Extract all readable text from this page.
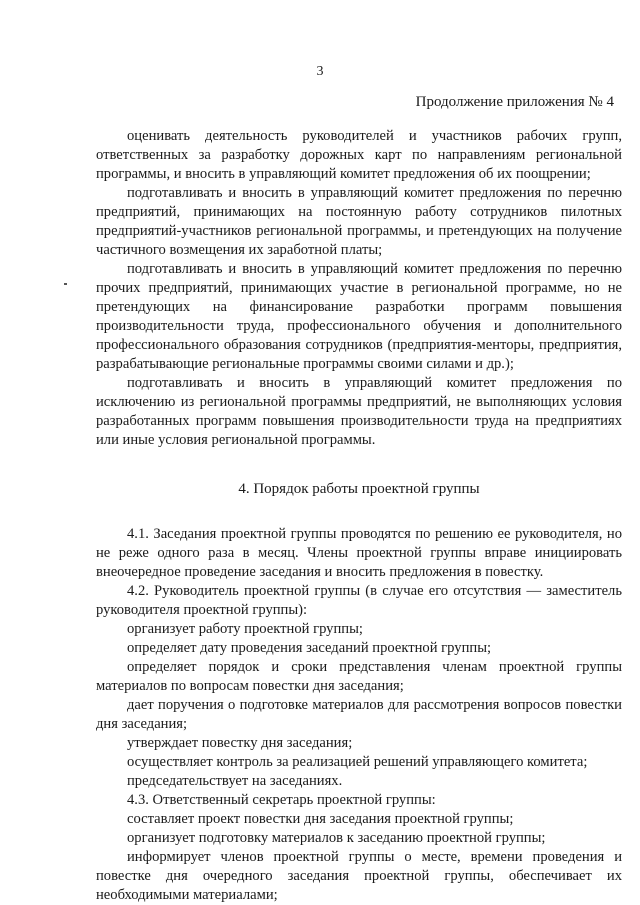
3
Продолжение приложения № 4

оценивать деятельность руководителей и участников рабочих групп, ответственных за разработку дорожных карт по направлениям региональной программы, и вносить в управляющий комитет предложения об их поощрении;

подготавливать и вносить в управляющий комитет предложения по перечню предприятий, принимающих на постоянную работу сотрудников пилотных предприятий-участников региональной программы, и претендующих на получение частичного возмещения их заработной платы;

подготавливать и вносить в управляющий комитет предложения по перечню прочих предприятий, принимающих участие в региональной программе, но не претендующих на финансирование разработки программ повышения производительности труда, профессионального обучения и дополнительного профессионального образования сотрудников (предприятия-менторы, предприятия, разрабатывающие региональные программы своими силами и др.);

подготавливать и вносить в управляющий комитет предложения по исключению из региональной программы предприятий, не выполняющих условия разработанных программ повышения производительности труда на предприятиях или иные условия региональной программы.

4. Порядок работы проектной группы

4.1. Заседания проектной группы проводятся по решению ее руководителя, но не реже одного раза в месяц. Члены проектной группы вправе инициировать внеочередное проведение заседания и вносить предложения в повестку.

4.2. Руководитель проектной группы (в случае его отсутствия — заместитель руководителя проектной группы):

организует работу проектной группы;

определяет дату проведения заседаний проектной группы;

определяет порядок и сроки представления членам проектной группы материалов по вопросам повестки дня заседания;

дает поручения о подготовке материалов для рассмотрения вопросов повестки дня заседания;

утверждает повестку дня заседания;

осуществляет контроль за реализацией решений управляющего комитета;

председательствует на заседаниях.

4.3. Ответственный секретарь проектной группы:

составляет проект повестки дня заседания проектной группы;

организует подготовку материалов к заседанию проектной группы;

информирует членов проектной группы о месте, времени проведения и повестке дня очередного заседания проектной группы, обеспечивает их необходимыми материалами;
